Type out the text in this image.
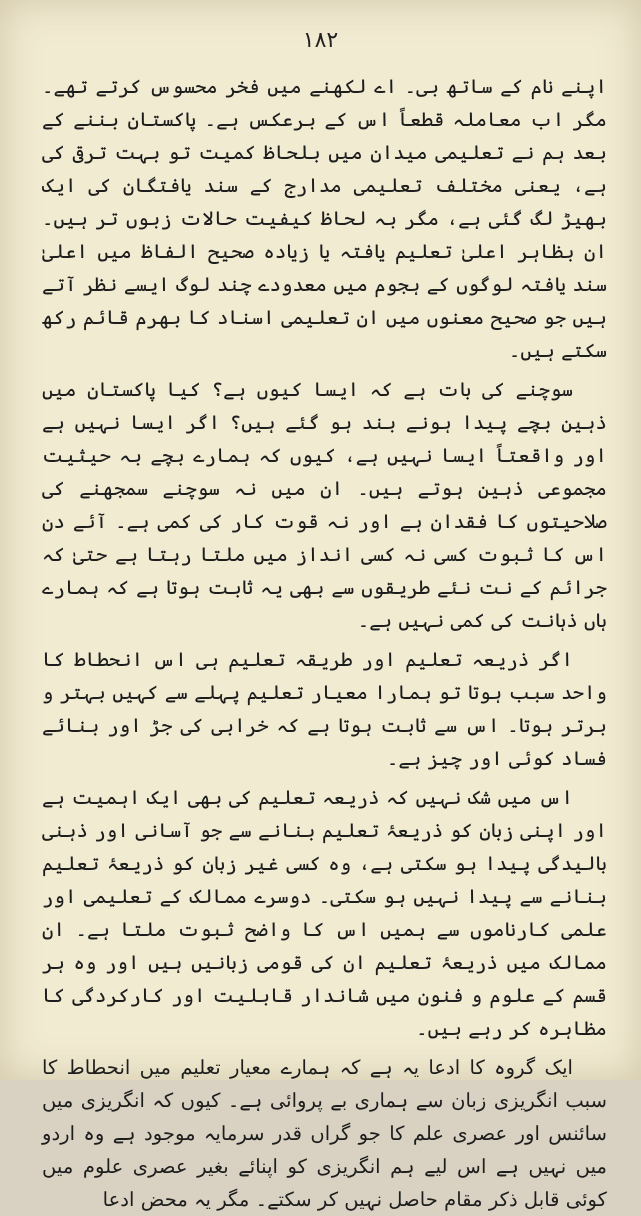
۱۸۲

اپنے نام کے ساتھ بی۔ اے لکھنے میں فخر محسوس کرتے تھے۔ مگر اب معاملہ قطعاً اس کے برعکس ہے۔ پاکستان بننے کے بعد ہم نے تعلیمی میدان میں بلحاظ کمیت تو بہت ترقی کی ہے، یعنی مختلف تعلیمی مدارج کے سند یافتگان کی ایک بھیڑ لگ گئی ہے، مگر بہ لحاظ کیفیت حالات زبوں تر ہیں۔ ان بظاہر اعلیٰ تعلیم یافتہ یا زیادہ صحیح الفاظ میں اعلیٰ سند یافتہ لوگوں کے ہجوم میں معدودے چند لوگ ایسے نظر آتے ہیں جو صحیح معنوں میں ان تعلیمی اسناد کا بھرم قائم رکھ سکتے ہیں۔

سوچنے کی بات ہے کہ ایسا کیوں ہے؟ کیا پاکستان میں ذہین بچے پیدا ہونے بند ہو گئے ہیں؟ اگر ایسا نہیں ہے اور واقعتاً ایسا نہیں ہے، کیوں کہ ہمارے بچے بہ حیثیت مجموعی ذہین ہوتے ہیں۔ ان میں نہ سوچنے سمجھنے کی صلاحیتوں کا فقدان ہے اور نہ قوت کار کی کمی ہے۔ آئے دن اس کا ثبوت کسی نہ کسی انداز میں ملتا رہتا ہے حتیٰ کہ جرائم کے نت نئے طریقوں سے بھی یہ ثابت ہوتا ہے کہ ہمارے ہاں ذہانت کی کمی نہیں ہے۔

اگر ذریعہ تعلیم اور طریقہ تعلیم ہی اس انحطاط کا واحد سبب ہوتا تو ہمارا معیار تعلیم پہلے سے کہیں بہتر و برتر ہوتا۔ اس سے ثابت ہوتا ہے کہ خرابی کی جڑ اور بنائے فساد کوئی اور چیز ہے۔

اس میں شک نہیں کہ ذریعہ تعلیم کی بھی ایک اہمیت ہے اور اپنی زبان کو ذریعۂ تعلیم بنانے سے جو آسانی اور ذہنی بالیدگی پیدا ہو سکتی ہے، وہ کسی غیر زبان کو ذریعۂ تعلیم بنانے سے پیدا نہیں ہو سکتی۔ دوسرے ممالک کے تعلیمی اور علمی کارناموں سے ہمیں اس کا واضح ثبوت ملتا ہے۔ ان ممالک میں ذریعۂ تعلیم ان کی قومی زبانیں ہیں اور وہ ہر قسم کے علوم و فنون میں شاندار قابلیت اور کارکردگی کا مظاہرہ کر رہے ہیں۔

ایک گروہ کا ادعا یہ ہے کہ ہمارے معیار تعلیم میں انحطاط کا سبب انگریزی زبان سے ہماری بے پروائی ہے۔ کیوں کہ انگریزی میں سائنس اور عصری علم کا جو گراں قدر سرمایہ موجود ہے وہ اردو میں نہیں ہے اس لیے ہم انگریزی کو اپنائے بغیر عصری علوم میں کوئی قابل ذکر مقام حاصل نہیں کر سکتے۔ مگر یہ محض ادعا
